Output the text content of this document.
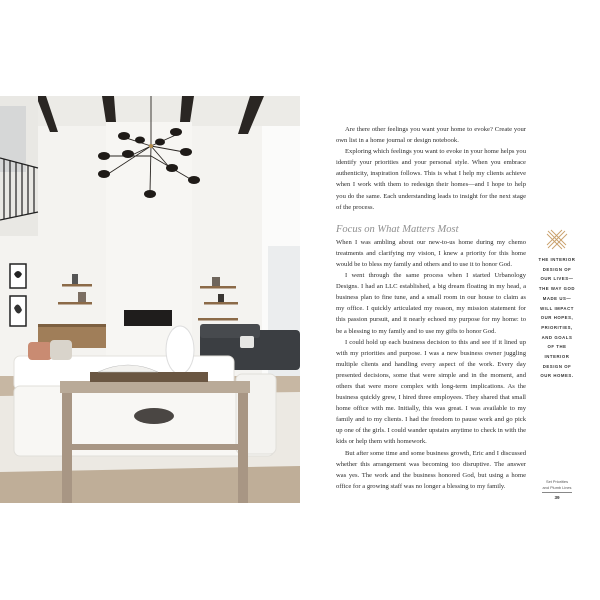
Are there other feelings you want your home to evoke? Create your own list in a home journal or design notebook.

Exploring which feelings you want to evoke in your home helps you identify your priorities and your personal style. When you embrace authenticity, inspiration follows. This is what I help my clients achieve when I work with them to redesign their homes—and I hope to help you do the same. Each understanding leads to insight for the next stage of the process.

Focus on What Matters Most

When I was ambling about our new-to-us home during my chemo treatments and clarifying my vision, I knew a priority for this home would be to bless my family and others and to use it to honor God.

I went through the same process when I started Urbanology Designs. I had an LLC established, a big dream floating in my head, a business plan to fine tune, and a small room in our house to claim as my office. I quickly articulated my reason, my mission statement for this passion pursuit, and it nearly echoed my purpose for my home: to be a blessing to my family and to use my gifts to honor God.

I could hold up each business decision to this and see if it lined up with my priorities and purpose. I was a new business owner juggling multiple clients and handling every aspect of the work. Every day presented decisions, some that were simple and in the moment, and others that were more complex with long-term implications. As the business quickly grew, I hired three employees. They shared that small home office with me. Initially, this was great. I was available to my family and to my clients. I had the freedom to pause work and go pick up one of the girls. I could wander upstairs anytime to check in with the kids or help them with homework.

But after some time and some business growth, Eric and I discussed whether this arrangement was becoming too disruptive. The answer was yes. The work and the business honored God, but using a home office for a growing staff was no longer a blessing to my family.

THE INTERIOR
DESIGN OF
OUR LIVES—
THE WAY GOD
MADE US—
WILL IMPACT
OUR HOPES,
PRIORITIES,
AND GOALS
OF THE
INTERIOR
DESIGN OF
OUR HOMES.
Set Priorities
and Plumb Lines
39
